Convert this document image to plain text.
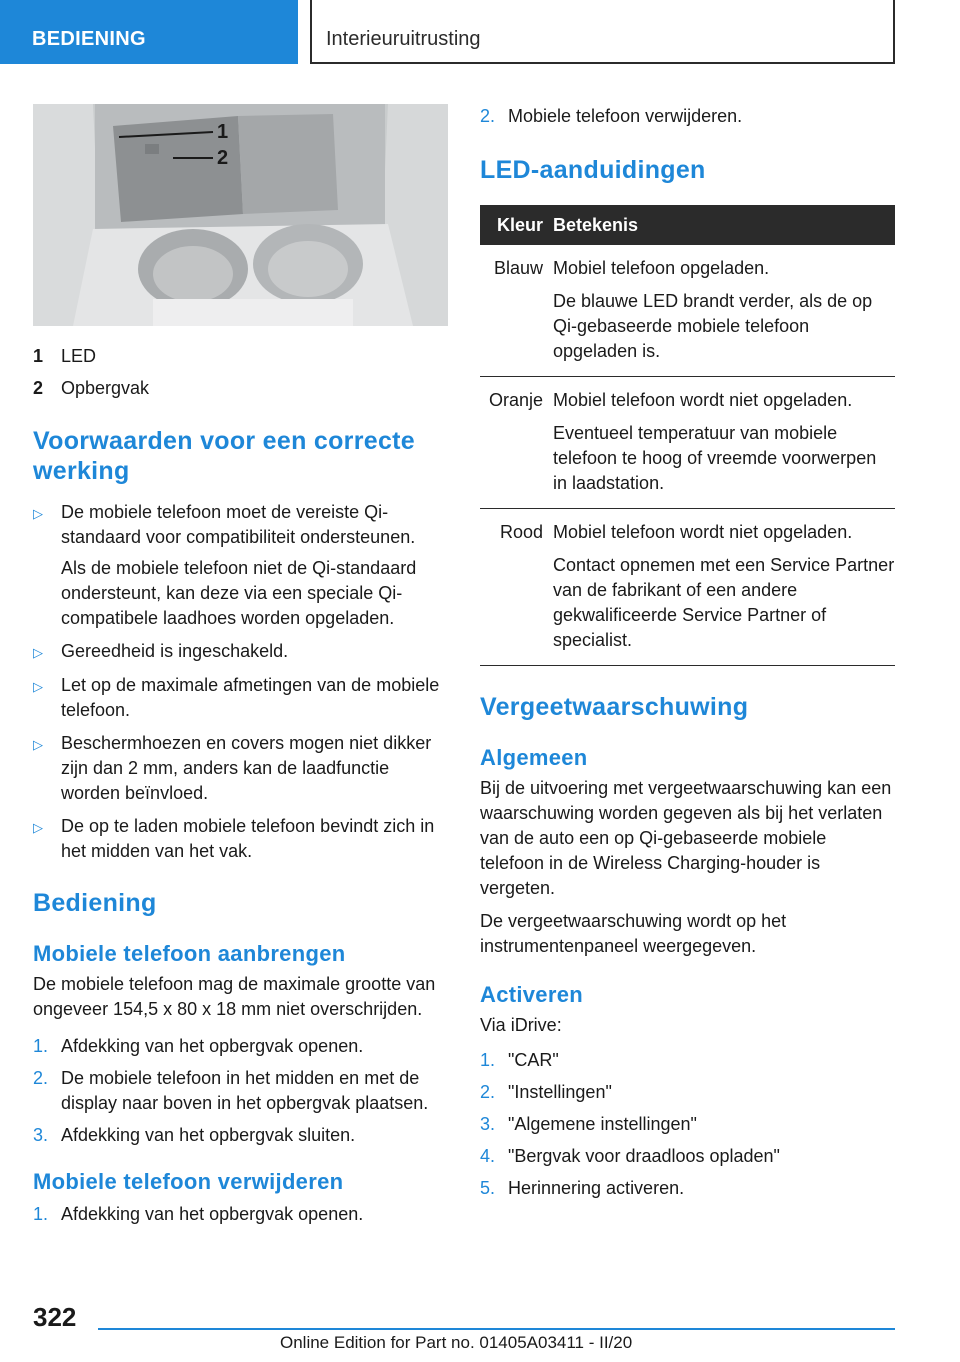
BEDIENING	Interieuruitrusting
1
2
1 LED
2 Opbergvak
Voorwaarden voor een correcte werking
▷	De mobiele telefoon moet de vereiste Qi-standaard voor compatibiliteit ondersteunen.
Als de mobiele telefoon niet de Qi-standaard ondersteunt, kan deze via een speciale Qi-compatibele laadhoes worden opgeladen.
▷	Gereedheid is ingeschakeld.
▷	Let op de maximale afmetingen van de mobiele telefoon.
▷	Beschermhoezen en covers mogen niet dikker zijn dan 2 mm, anders kan de laadfunctie worden beïnvloed.
▷	De op te laden mobiele telefoon bevindt zich in het midden van het vak.
Bediening
Mobiele telefoon aanbrengen

De mobiele telefoon mag de maximale grootte van ongeveer 154,5 x 80 x 18 mm niet overschrijden.

1. Afdekking van het opbergvak openen.
2. De mobiele telefoon in het midden en met de display naar boven in het opbergvak plaatsen.
3. Afdekking van het opbergvak sluiten.
Mobiele telefoon verwijderen
1. Afdekking van het opbergvak openen.
2. Mobiele telefoon verwijderen.
LED-aanduidingen
Kleur	Betekenis
Blauw	Mobiel telefoon opgeladen.
De blauwe LED brandt verder, als de op Qi-gebaseerde mobiele telefoon opgeladen is.

Oranje	Mobiel telefoon wordt niet opgeladen.
Eventueel temperatuur van mobiele telefoon te hoog of vreemde voorwerpen in laadstation.

Rood	Mobiel telefoon wordt niet opgeladen.
Contact opnemen met een Service Partner van de fabrikant of een andere gekwalificeerde Service Partner of specialist.
Vergeetwaarschuwing
Algemeen

Bij de uitvoering met vergeetwaarschuwing kan een waarschuwing worden gegeven als bij het verlaten van de auto een op Qi-gebaseerde mobiele telefoon in de Wireless Charging-houder is vergeten.

De vergeetwaarschuwing wordt op het instrumentenpaneel weergegeven.

Activeren

Via iDrive:

1. "CAR"
2. "Instellingen"
3. "Algemene instellingen"
4. "Bergvak voor draadloos opladen"
5. Herinnering activeren.
322
Online Edition for Part no. 01405A03411 - II/20
